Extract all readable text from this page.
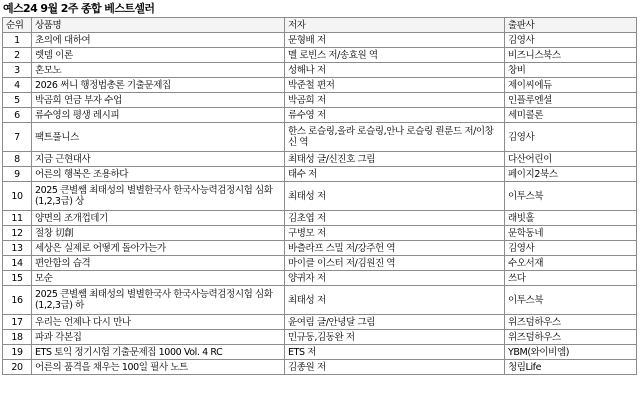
예스24 9월 2주 종합 베스트셀러
순위	상품명	저자	출판사
1	초의에 대하여	문형배 저	김영사
2	렛뎀 이론	멜 로빈스 저/송효원 역	비즈니스북스
3	혼모노	성해나 저	창비
4	2026 써니 행정법총론 기출문제집	박준철 편저	제이씨에듀
5	박곰희 연금 부자 수업	박곰희 저	인플루엔셜
6	류수영의 평생 레시피	류수영 저	세미콜론
7	팩트풀니스	한스 로슬링,올라 로슬링,안나 로슬링 뢴룬드 저/이창신 역	김영사
8	지금 근현대사	최태성 글/신진호 그림	다산어린이
9	어른의 행복은 조용하다	태수 저	페이지2북스
10	2025 큰별쌤 최태성의 별별한국사 한국사능력검정시험 심화(1,2,3급) 상	최태성 저	이투스북
11	양면의 조개껍데기	김초엽 저	래빗홀
12	절창 切創	구병모 저	문학동네
13	세상은 실제로 어떻게 돌아가는가	바츨라프 스밀 저/강주헌 역	김영사
14	편안함의 습격	마이클 이스터 저/김원진 역	수오서재
15	모순	양귀자 저	쓰다
16	2025 큰별쌤 최태성의 별별한국사 한국사능력검정시험 심화(1,2,3급) 하	최태성 저	이투스북
17	우리는 언제나 다시 만나	윤여림 글/안녕달 그림	위즈덤하우스
18	파과 각본집	민규동,김동완 저	위즈덤하우스
19	ETS 토익 정기시험 기출문제집 1000 Vol. 4 RC	ETS 저	YBM(와이비엠)
20	어른의 품격을 채우는 100일 필사 노트	김종원 저	청림Life
